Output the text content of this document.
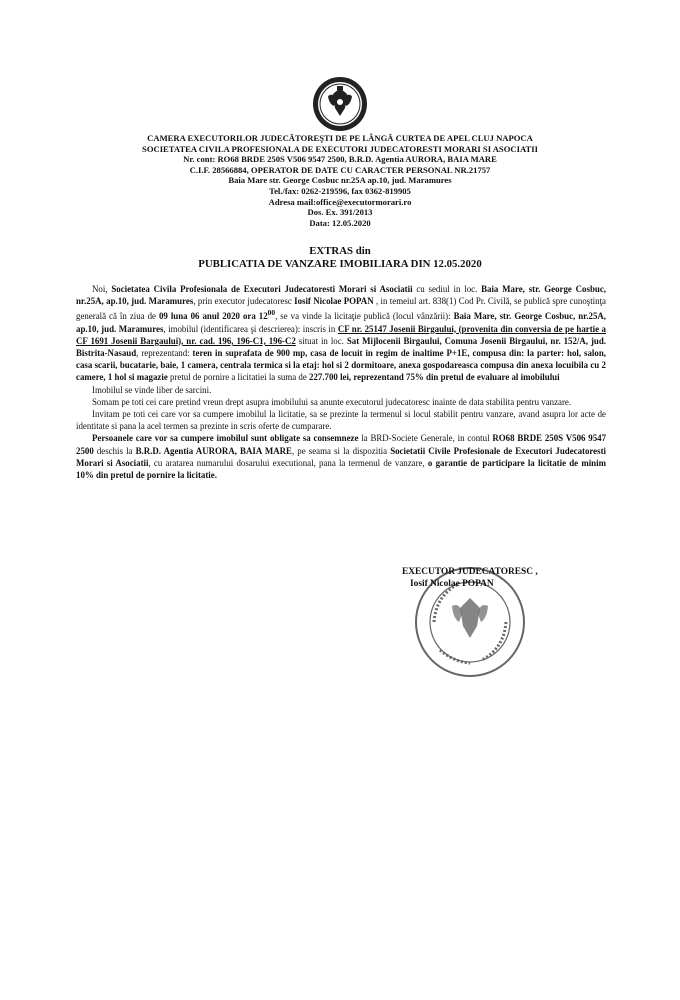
CAMERA EXECUTORILOR JUDECĂTOREŞTI DE PE LÂNGĂ CURTEA DE APEL CLUJ NAPOCA
SOCIETATEA CIVILA PROFESIONALA DE EXECUTORI JUDECATORESTI MORARI SI ASOCIATII
Nr. cont: RO68 BRDE 250S V506 9547 2500, B.R.D. Agentia AURORA, BAIA MARE
C.I.F. 28566884, OPERATOR DE DATE CU CARACTER PERSONAL NR.21757
Baia Mare str. George Cosbuc nr.25A ap.10, jud. Maramures
Tel./fax: 0262-219596, fax 0362-819905
Adresa mail:office@executormorari.ro
Dos. Ex. 391/2013
Data: 12.05.2020
EXTRAS din
PUBLICATIA DE VANZARE IMOBILIARA DIN 12.05.2020

Noi, Societatea Civila Profesionala de Executori Judecatoresti Morari si Asociatii cu sediul in loc. Baia Mare, str. George Cosbuc, nr.25A, ap.10, jud. Maramures, prin executor judecatoresc Iosif Nicolae POPAN , in temeiul art. 838(1) Cod Pr. Civilă, se publică spre cunoştinţa generală că în ziua de 09 luna 06 anul 2020 ora $12^{00}$, se va vinde la licitaţie publică (locul vânzării): Baia Mare, str. George Cosbuc, nr.25A, ap.10, jud. Maramures, imobilul (identificarea şi descrierea): inscris in CF nr. 25147 Josenii Birgaului, (provenita din conversia de pe hartie a CF 1691 Josenii Bargaului), nr. cad. 196, 196-C1, 196-C2 situat in loc. Sat Mijlocenii Birgaului, Comuna Josenii Birgaului, nr. 152/A, jud. Bistrita-Nasaud, reprezentand: teren in suprafata de 900 mp, casa de locuit in regim de inaltime P+1E, compusa din: la parter: hol, salon, casa scarii, bucatarie, baie, 1 camera, centrala termica si la etaj: hol si 2 dormitoare, anexa gospodareasca compusa din anexa locuibila cu 2 camere, 1 hol si magazie pretul de pornire a licitatiei la suma de 227.700 lei, reprezentand 75% din pretul de evaluare al imobilului

Imobilul se vinde liber de sarcini.

Somam pe toti cei care pretind vreun drept asupra imobilului sa anunte executorul judecatoresc inainte de data stabilita pentru vanzare.

Invitam pe toti cei care vor sa cumpere imobilul la licitatie, sa se prezinte la termenul si locul stabilit pentru vanzare, avand asupra lor acte de identitate si pana la acel termen sa prezinte in scris oferte de cumparare.

Persoanele care vor sa cumpere imobilul sunt obligate sa consemneze la BRD-Societe Generale, in contul RO68 BRDE 250S V506 9547 2500 deschis la B.R.D. Agentia AURORA, BAIA MARE, pe seama si la dispozitia Societatii Civile Profesionale de Executori Judecatoresti Morari si Asociatii, cu aratarea numarului dosarului executional, pana la termenul de vanzare, o garantie de participare la licitatie de minim 10% din pretul de pornire la licitatie.

EXECUTOR JUDECATORESC ,
Iosif Nicolae POPAN
